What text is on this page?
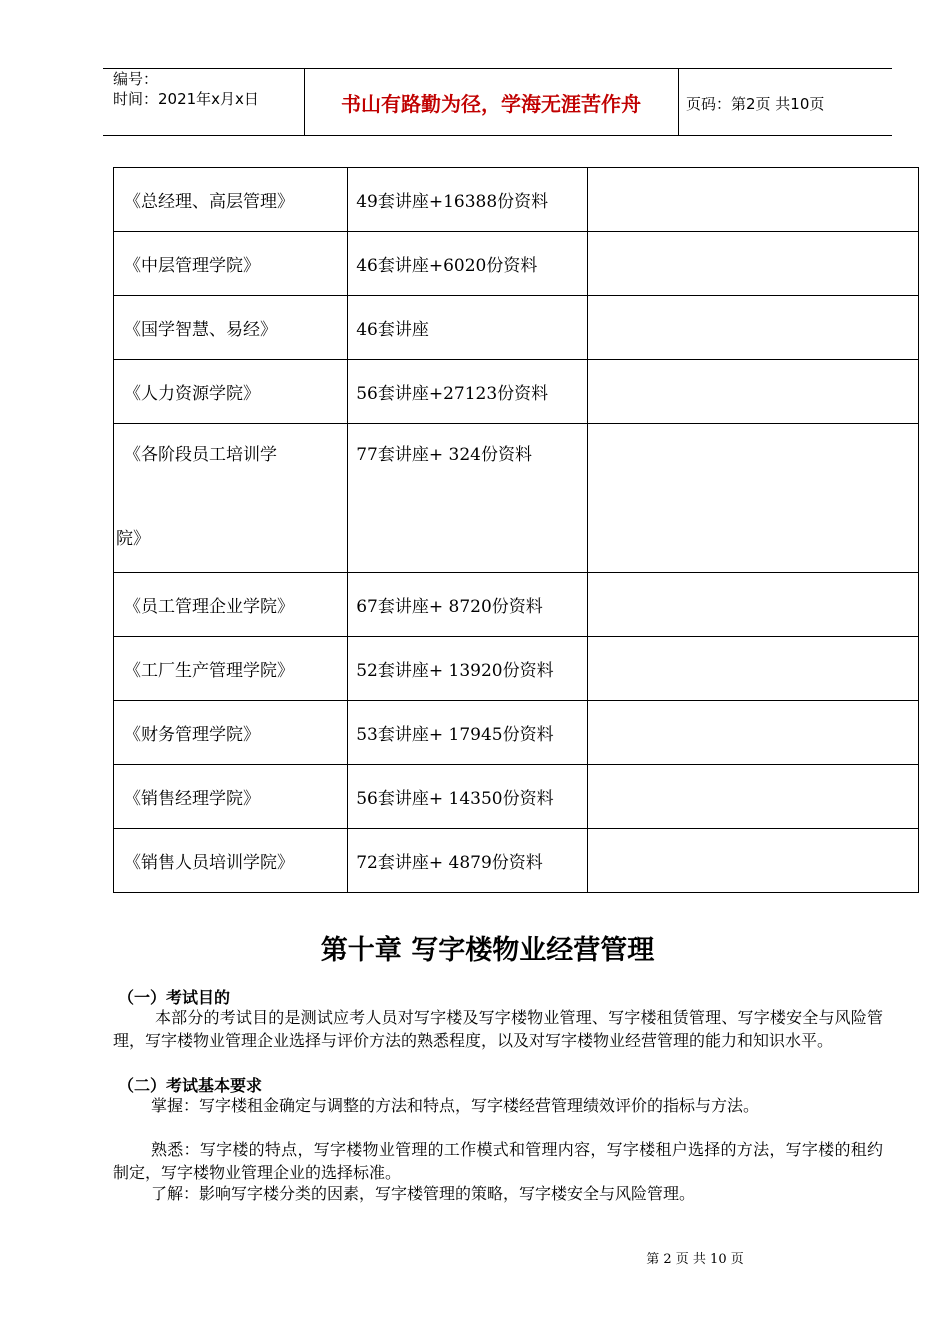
编号：
时间：2021年x月x日	书山有路勤为径，学海无涯苦作舟	页码：第2页 共10页
《总经理、高层管理》	49套讲座+16388份资料	
《中层管理学院》	46套讲座+6020份资料	
《国学智慧、易经》	46套讲座	
《人力资源学院》	56套讲座+27123份资料	

《各阶段员工培训学
院》	77套讲座+ 324份资料	

《员工管理企业学院》	67套讲座+ 8720份资料	
《工厂生产管理学院》	52套讲座+ 13920份资料	
《财务管理学院》	53套讲座+ 17945份资料	
《销售经理学院》	56套讲座+ 14350份资料	
《销售人员培训学院》	72套讲座+ 4879份资料	
第十章 写字楼物业经营管理
（一）考试目的
本部分的考试目的是测试应考人员对写字楼及写字楼物业管理、写字楼租赁管理、写字楼安全与风险管理，写字楼物业管理企业选择与评价方法的熟悉程度，以及对写字楼物业经营管理的能力和知识水平。
（二）考试基本要求
掌握：写字楼租金确定与调整的方法和特点，写字楼经营管理绩效评价的指标与方法。
熟悉：写字楼的特点，写字楼物业管理的工作模式和管理内容，写字楼租户选择的方法，写字楼的租约制定，写字楼物业管理企业的选择标准。
了解：影响写字楼分类的因素，写字楼管理的策略，写字楼安全与风险管理。
第 2 页 共 10 页
